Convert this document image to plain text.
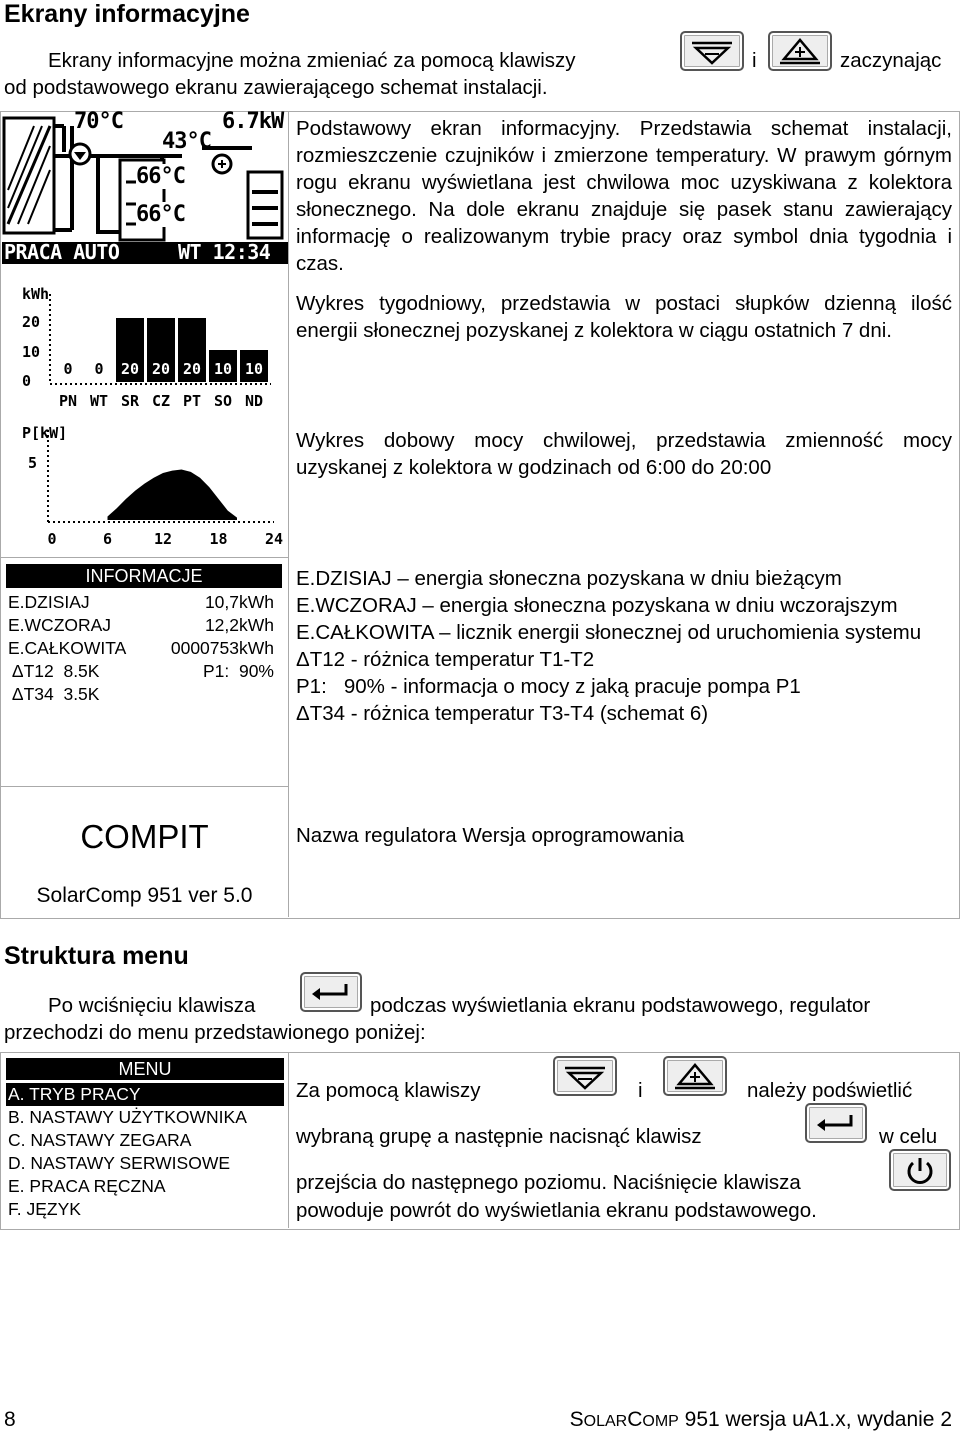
Ekrany informacyjne
Ekrany informacyjne można zmieniać za pomocą klawiszy	i	zaczynając
od podstawowego ekranu zawierającego schemat instalacji.
70°C	6.7kW
43°C
66°C
66°C
PRACA AUTO	WT 12:34
Podstawowy ekran informacyjny. Przedstawia schemat instalacji, rozmieszczenie czujników i zmierzone temperatury. W prawym górnym rogu ekranu wyświetlana jest chwilowa moc uzyskiwana z kolektora słonecznego. Na dole ekranu znajduje się pasek stanu zawierający informację o realizowanym trybie pracy oraz symbol dnia tygodnia i czas.
kWh
20
10
0
0
PN
0
WT
20
SR
20
CZ
20
PT
10
SO
10
ND
Wykres tygodniowy, przedstawia w postaci słupków dzienną ilość energii słonecznej pozyskanej z kolektora w ciągu ostatnich 7 dni.
P[kW]
5
0	6	12 18 24
Wykres dobowy mocy chwilowej, przedstawia zmienność mocy uzyskanej z kolektora w godzinach od 6:00 do 20:00
INFORMACJE
E.DZISIAJ	10,7kWh
E.WCZORAJ	12,2kWh
E.CAŁKOWITA	0000753kWh
ΔT12  8.5K	P1:  90%
ΔT34  3.5K
E.DZISIAJ – energia słoneczna pozyskana w dniu bieżącym
E.WCZORAJ – energia słoneczna pozyskana w dniu wczorajszym
E.CAŁKOWITA – licznik energii słonecznej od uruchomienia systemu
ΔT12 - różnica temperatur T1-T2
P1:   90% - informacja o mocy z jaką pracuje pompa P1
ΔT34 - różnica temperatur T3-T4 (schemat 6)
COMPIT
SolarComp 951 ver 5.0
Nazwa regulatora Wersja oprogramowania
Struktura menu
Po wciśnięciu klawisza	podczas wyświetlania ekranu podstawowego, regulator
przechodzi do menu przedstawionego poniżej:
MENU
A. TRYB PRACY
B. NASTAWY UŻYTKOWNIKA
C. NASTAWY ZEGARA
D. NASTAWY SERWISOWE
E. PRACA RĘCZNA
F. JĘZYK
Za pomocą klawiszy	i	należy podświetlić
wybraną grupę a następnie nacisnąć klawisz	w celu
przejścia do następnego poziomu. Naciśnięcie klawisza
powoduje powrót do wyświetlania ekranu podstawowego.
8	SOLARCOMP 951 wersja uA1.x, wydanie 2
